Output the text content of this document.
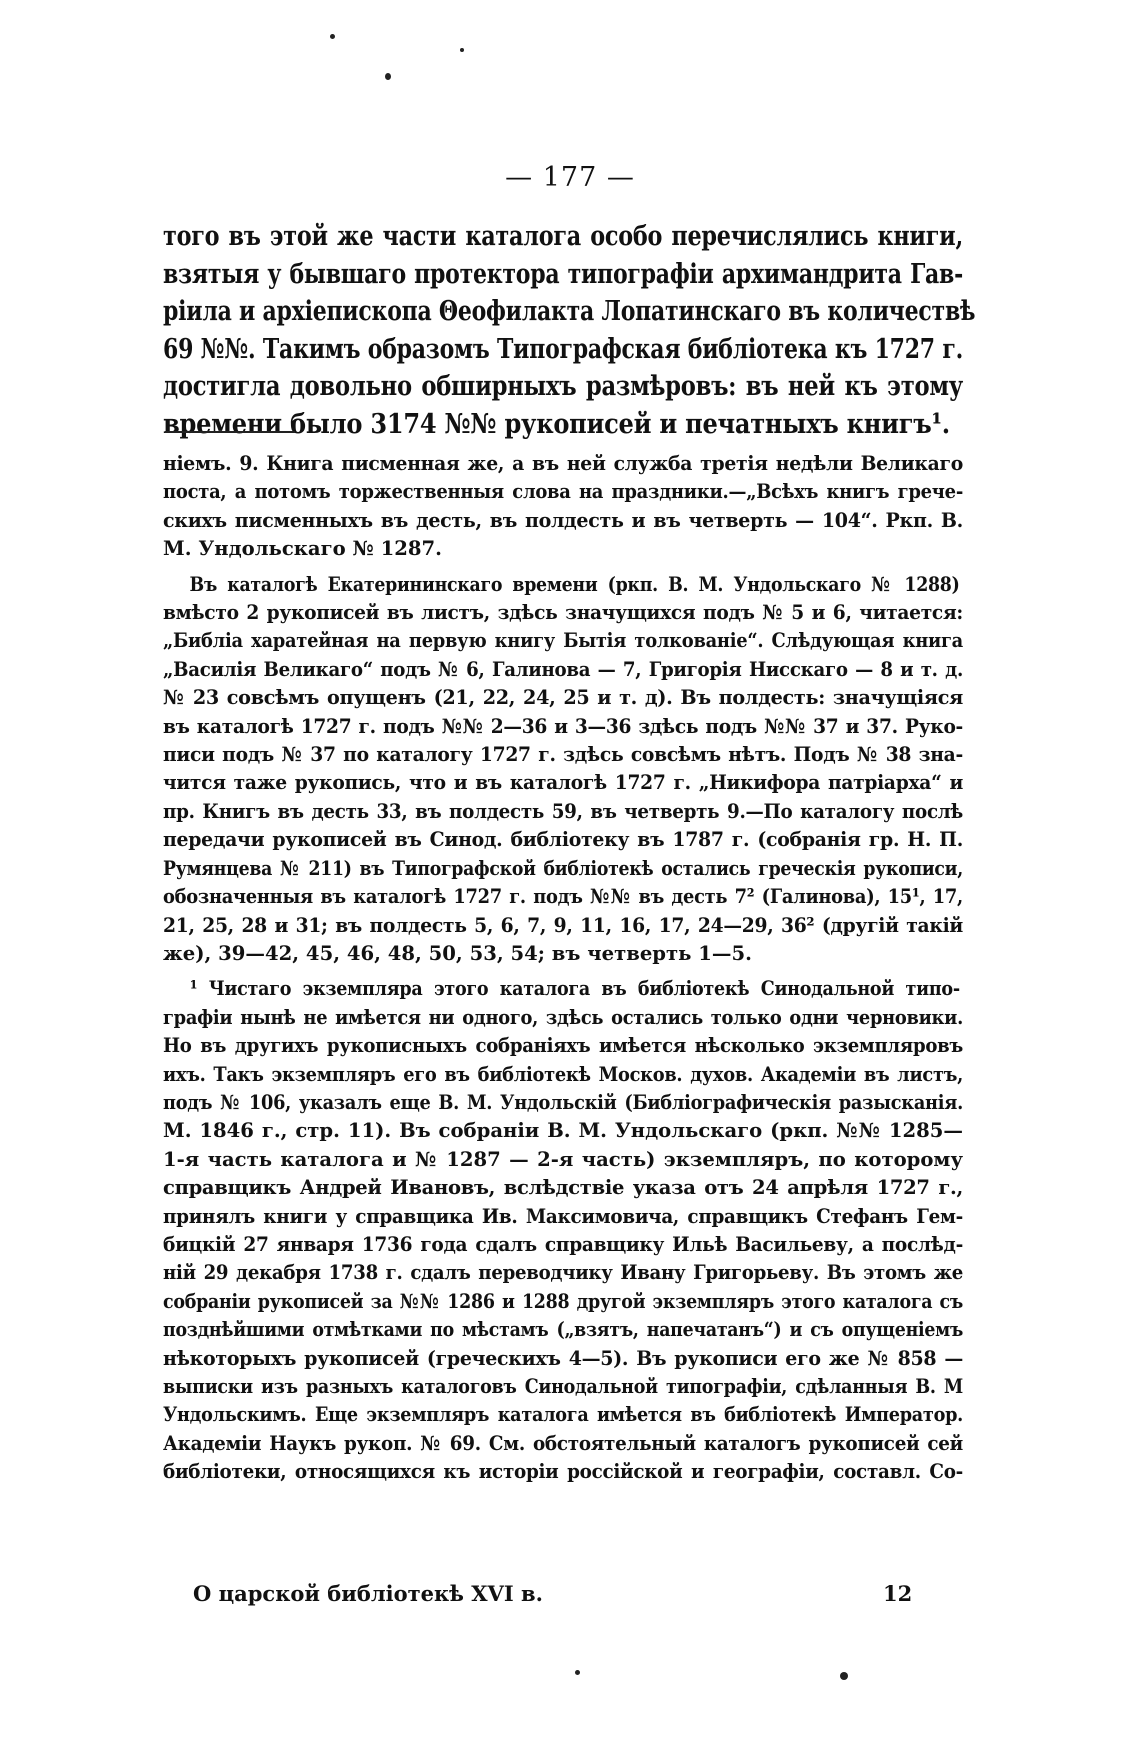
— 177 —
того въ этой же части каталога особо перечислялись книги,
взятыя у бывшаго протектора типографіи архимандрита Гав-
ріила и архіепископа Θеофилакта Лопатинскаго въ количествѣ
69 №№. Такимъ образомъ Типографская библіотека къ 1727 г.
достигла довольно обширныхъ размѣровъ: въ ней къ этому
времени было 3174 №№ рукописей и печатныхъ книгъ¹.
ніемъ. 9. Книга писменная же, а въ ней служба третія недѣли Великаго
поста, а потомъ торжественныя слова на праздники.—„Всѣхъ книгъ грече-
скихъ писменныхъ въ десть, въ полдесть и въ четверть — 104“. Ркп. В.
М. Ундольскаго № 1287.
Въ каталогѣ Екатерининскаго времени (ркп. В. М. Ундольскаго № 1288)
вмѣсто 2 рукописей въ листъ, здѣсь значущихся подъ № 5 и 6, читается:
„Библіа харатейная на первую книгу Бытія толкованіе“. Слѣдующая книга
„Василія Великаго“ подъ № 6, Галинова — 7, Григорія Нисскаго — 8 и т. д.
№ 23 совсѣмъ опущенъ (21, 22, 24, 25 и т. д). Въ полдесть: значущіяся
въ каталогѣ 1727 г. подъ №№ 2—36 и 3—36 здѣсь подъ №№ 37 и 37. Руко-
писи подъ № 37 по каталогу 1727 г. здѣсь совсѣмъ нѣтъ. Подъ № 38 зна-
чится таже рукопись, что и въ каталогѣ 1727 г. „Никифора патріарха“ и
пр. Книгъ въ десть 33, въ полдесть 59, въ четверть 9.—По каталогу послѣ
передачи рукописей въ Синод. библіотеку въ 1787 г. (собранія гр. Н. П.
Румянцева № 211) въ Типографской библіотекѣ остались греческія рукописи,
обозначенныя въ каталогѣ 1727 г. подъ №№ въ десть 7² (Галинова), 15¹, 17,
21, 25, 28 и 31; въ полдесть 5, 6, 7, 9, 11, 16, 17, 24—29, 36² (другій такій
же), 39—42, 45, 46, 48, 50, 53, 54; въ четверть 1—5.
¹ Чистаго экземпляра этого каталога въ библіотекѣ Синодальной типо-
графіи нынѣ не имѣется ни одного, здѣсь остались только одни черновики.
Но въ другихъ рукописныхъ собраніяхъ имѣется нѣсколько экземпляровъ
ихъ. Такъ экземпляръ его въ библіотекѣ Москов. духов. Академіи въ листъ,
подъ № 106, указалъ еще В. М. Ундольскій (Библіографическія разысканія.
М. 1846 г., стр. 11). Въ собраніи В. М. Ундольскаго (ркп. №№ 1285—
1-я часть каталога и № 1287 — 2-я часть) экземпляръ, по которому
справщикъ Андрей Ивановъ, вслѣдствіе указа отъ 24 апрѣля 1727 г.,
принялъ книги у справщика Ив. Максимовича, справщикъ Стефанъ Гем-
бицкій 27 января 1736 года сдалъ справщику Ильѣ Васильеву, а послѣд-
ній 29 декабря 1738 г. сдалъ переводчику Ивану Григорьеву. Въ этомъ же
собраніи рукописей за №№ 1286 и 1288 другой экземпляръ этого каталога съ
позднѣйшими отмѣтками по мѣстамъ („взятъ, напечатанъ“) и съ опущеніемъ
нѣкоторыхъ рукописей (греческихъ 4—5). Въ рукописи его же № 858 —
выписки изъ разныхъ каталоговъ Синодальной типографіи, сдѣланныя В. М
Ундольскимъ. Еще экземпляръ каталога имѣется въ библіотекѣ Император.
Академіи Наукъ рукоп. № 69. См. обстоятельный каталогъ рукописей сей
библіотеки, относящихся къ исторіи россійской и географіи, составл. Со-
О царской библіотекѣ XVI в.	12
